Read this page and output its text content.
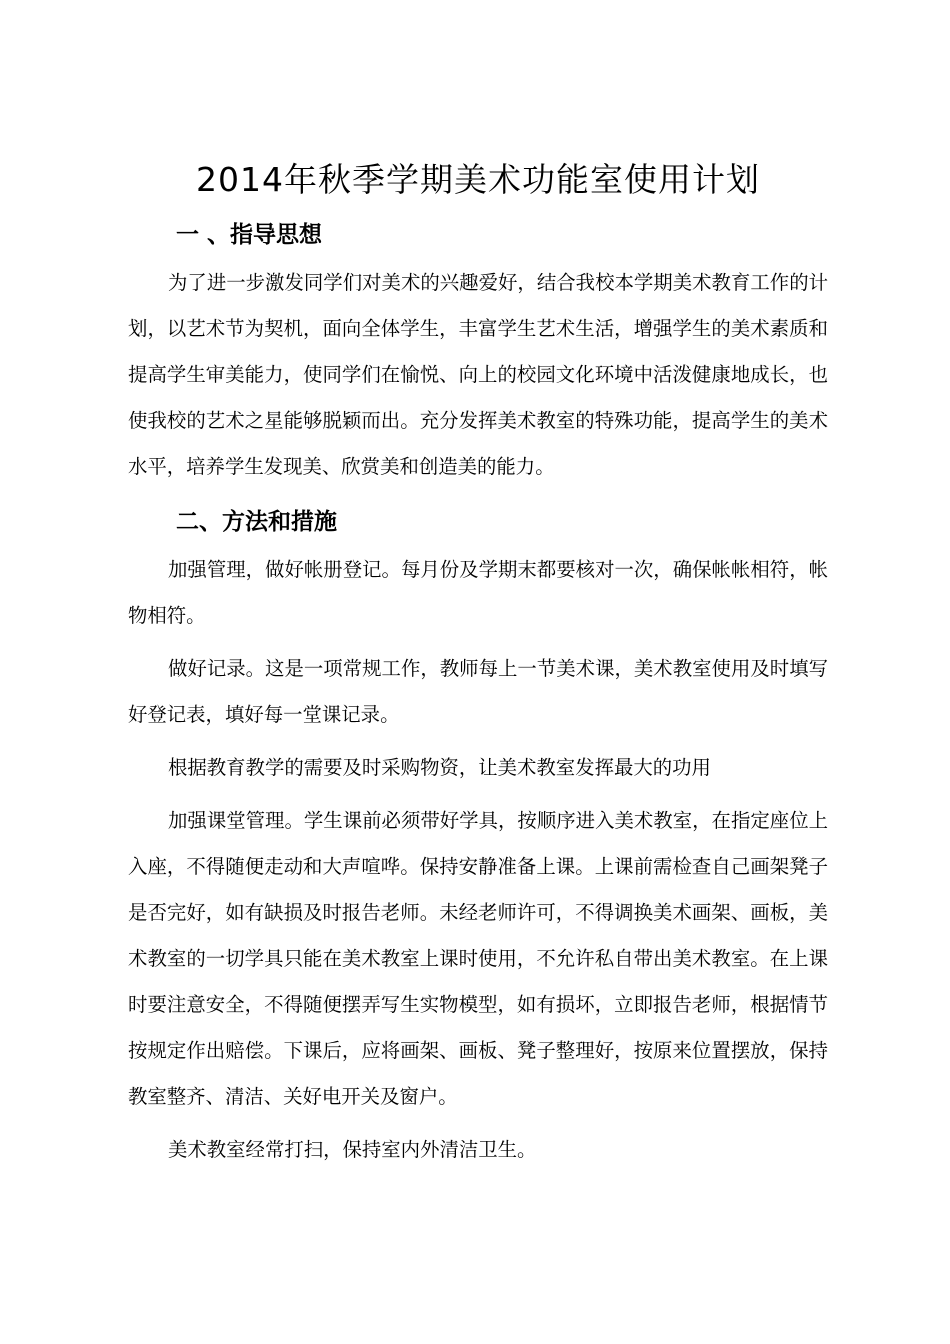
2014年秋季学期美术功能室使用计划
一 、指导思想

为了进一步激发同学们对美术的兴趣爱好，结合我校本学期美术教育工作的计划，以艺术节为契机，面向全体学生，丰富学生艺术生活，增强学生的美术素质和提高学生审美能力，使同学们在愉悦、向上的校园文化环境中活泼健康地成长，也使我校的艺术之星能够脱颖而出。充分发挥美术教室的特殊功能，提高学生的美术水平，培养学生发现美、欣赏美和创造美的能力。

二、方法和措施

加强管理，做好帐册登记。每月份及学期末都要核对一次，确保帐帐相符，帐物相符。

做好记录。这是一项常规工作，教师每上一节美术课，美术教室使用及时填写好登记表，填好每一堂课记录。

根据教育教学的需要及时采购物资，让美术教室发挥最大的功用

加强课堂管理。学生课前必须带好学具，按顺序进入美术教室，在指定座位上入座，不得随便走动和大声喧哗。保持安静准备上课。上课前需检查自己画架凳子是否完好，如有缺损及时报告老师。未经老师许可，不得调换美术画架、画板，美术教室的一切学具只能在美术教室上课时使用，不允许私自带出美术教室。在上课时要注意安全，不得随便摆弄写生实物模型，如有损坏，立即报告老师，根据情节按规定作出赔偿。下课后，应将画架、画板、凳子整理好，按原来位置摆放，保持教室整齐、清洁、关好电开关及窗户。

美术教室经常打扫，保持室内外清洁卫生。
